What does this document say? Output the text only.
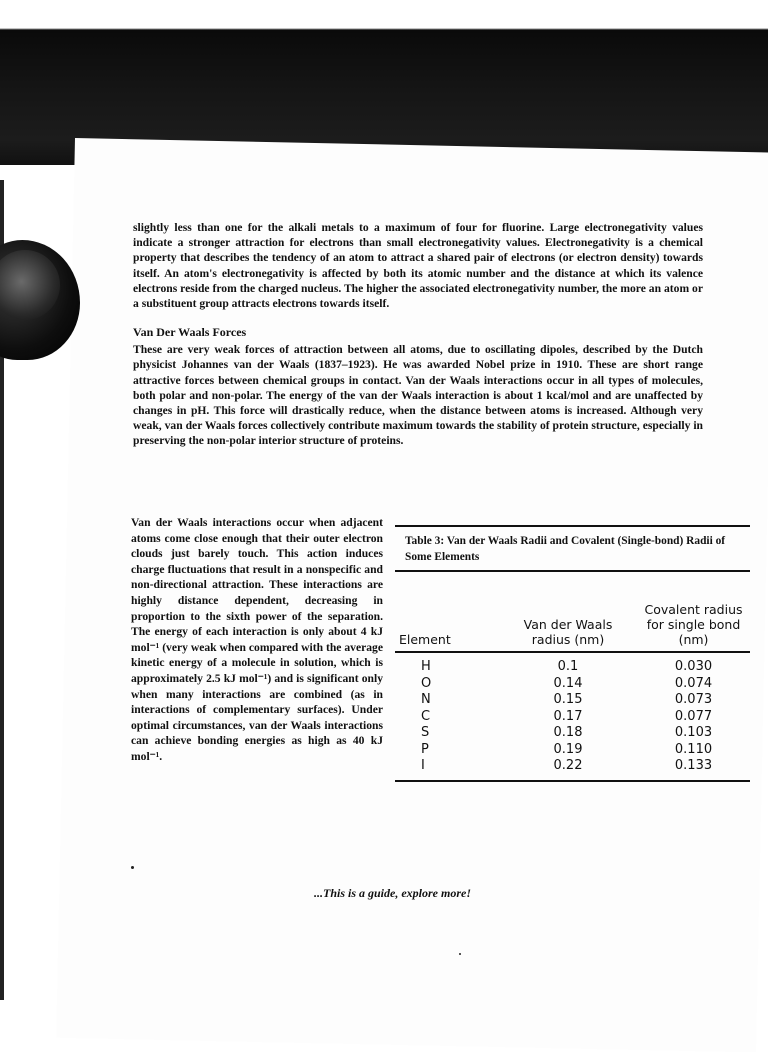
slightly less than one for the alkali metals to a maximum of four for fluorine. Large electronegativity values indicate a stronger attraction for electrons than small electronegativity values. Electronegativity is a chemical property that describes the tendency of an atom to attract a shared pair of electrons (or electron density) towards itself. An atom's electronegativity is affected by both its atomic number and the distance at which its valence electrons reside from the charged nucleus. The higher the associated electronegativity number, the more an atom or a substituent group attracts electrons towards itself.

Van Der Waals Forces

These are very weak forces of attraction between all atoms, due to oscillating dipoles, described by the Dutch physicist Johannes van der Waals (1837–1923). He was awarded Nobel prize in 1910. These are short range attractive forces between chemical groups in contact. Van der Waals interactions occur in all types of molecules, both polar and non-polar. The energy of the van der Waals interaction is about 1 kcal/mol and are unaffected by changes in pH. This force will drastically reduce, when the distance between atoms is increased. Although very weak, van der Waals forces collectively contribute maximum towards the stability of protein structure, especially in preserving the non-polar interior structure of proteins.

Van der Waals interactions occur when adjacent atoms come close enough that their outer electron clouds just barely touch. This action induces charge fluctuations that result in a nonspecific and non-directional attraction. These interactions are highly distance dependent, decreasing in proportion to the sixth power of the separation. The energy of each interaction is only about 4 kJ mol⁻¹ (very weak when compared with the average kinetic energy of a molecule in solution, which is approximately 2.5 kJ mol⁻¹) and is significant only when many interactions are combined (as in interactions of complementary surfaces). Under optimal circumstances, van der Waals interactions can achieve bonding energies as high as 40 kJ mol⁻¹.
Table 3: Van der Waals Radii and Covalent (Single-bond) Radii of Some Elements
Element	Van der Waals radius (nm)	Covalent radius for single bond (nm)
H	0.1	0.030
O	0.14	0.074
N	0.15	0.073
C	0.17	0.077
S	0.18	0.103
P	0.19	0.110
I	0.22	0.133
...This is a guide, explore more!
